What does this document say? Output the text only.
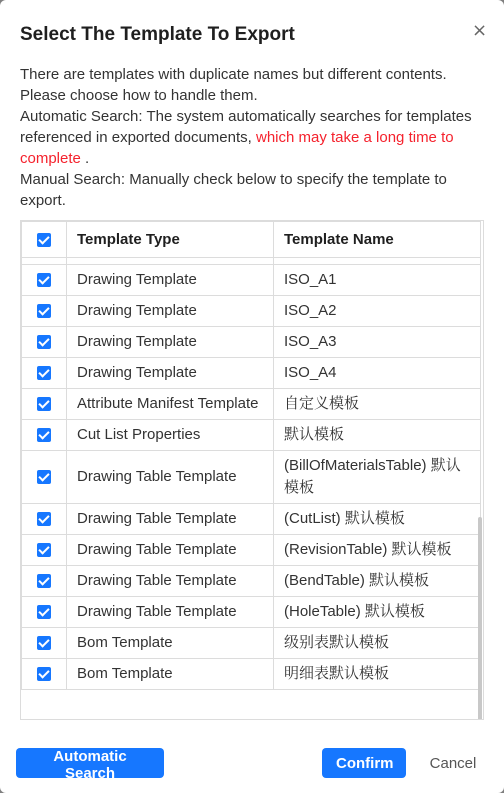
Select The Template To Export	×
There are templates with duplicate names but different contents. Please choose how to handle them.
Automatic Search: The system automatically searches for templates referenced in exported documents, which may take a long time to complete .
Manual Search: Manually check below to specify the template to export.
	Template Type	Template Name

	Drawing Template	ISO_A1
	Drawing Template	ISO_A2
	Drawing Template	ISO_A3
	Drawing Template	ISO_A4
	Attribute Manifest Template	自定义模板
	Cut List Properties	默认模板
	Drawing Table Template	(BillOfMaterialsTable) 默认模板
	Drawing Table Template	(CutList) 默认模板
	Drawing Table Template	(RevisionTable) 默认模板
	Drawing Table Template	(BendTable) 默认模板
	Drawing Table Template	(HoleTable) 默认模板
	Bom Template	级别表默认模板
	Bom Template	明细表默认模板
Automatic Search
Confirm	Cancel
